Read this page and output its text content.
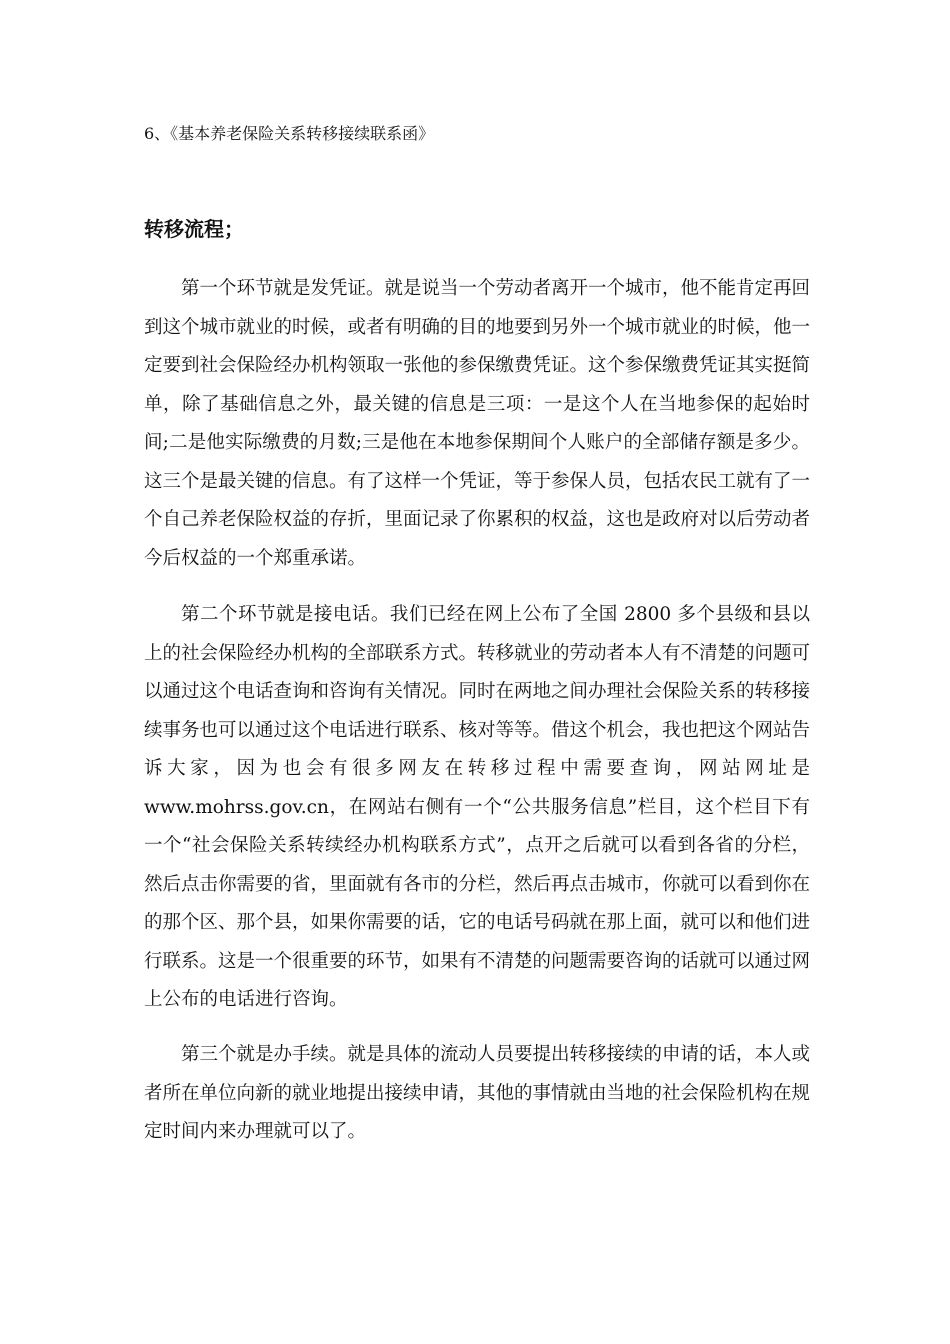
6、《基本养老保险关系转移接续联系函》
转移流程；

第一个环节就是发凭证。就是说当一个劳动者离开一个城市，他不能肯定再回到这个城市就业的时候，或者有明确的目的地要到另外一个城市就业的时候，他一定要到社会保险经办机构领取一张他的参保缴费凭证。这个参保缴费凭证其实挺简单，除了基础信息之外，最关键的信息是三项：一是这个人在当地参保的起始时间;二是他实际缴费的月数;三是他在本地参保期间个人账户的全部储存额是多少。这三个是最关键的信息。有了这样一个凭证，等于参保人员，包括农民工就有了一个自己养老保险权益的存折，里面记录了你累积的权益，这也是政府对以后劳动者今后权益的一个郑重承诺。

第二个环节就是接电话。我们已经在网上公布了全国 2800 多个县级和县以上的社会保险经办机构的全部联系方式。转移就业的劳动者本人有不清楚的问题可以通过这个电话查询和咨询有关情况。同时在两地之间办理社会保险关系的转移接续事务也可以通过这个电话进行联系、核对等等。借这个机会，我也把这个网站告诉大家，因为也会有很多网友在转移过程中需要查询，网站网址是 www.mohrss.gov.cn，在网站右侧有一个“公共服务信息”栏目，这个栏目下有一个“社会保险关系转续经办机构联系方式”，点开之后就可以看到各省的分栏，然后点击你需要的省，里面就有各市的分栏，然后再点击城市，你就可以看到你在的那个区、那个县，如果你需要的话，它的电话号码就在那上面，就可以和他们进行联系。这是一个很重要的环节，如果有不清楚的问题需要咨询的话就可以通过网上公布的电话进行咨询。

第三个就是办手续。就是具体的流动人员要提出转移接续的申请的话，本人或者所在单位向新的就业地提出接续申请，其他的事情就由当地的社会保险机构在规定时间内来办理就可以了。
